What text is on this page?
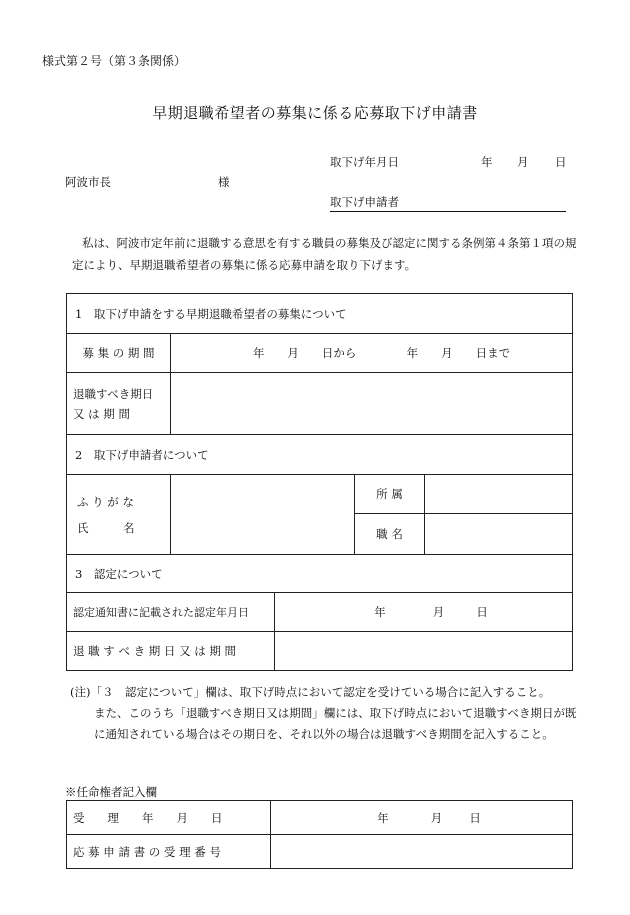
様式第２号（第３条関係）
早期退職希望者の募集に係る応募取下げ申請書
取下げ年月日	年 月 日
阿波市長	様
取下げ申請者
私は、阿波市定年前に退職する意思を有する職員の募集及び認定に関する条例第４条第１項の規定により、早期退職希望者の募集に係る応募申請を取り下げます。
1　取下げ申請をする早期退職希望者の募集について				
募 集 の 期 間	年　　月　　日から 年　　月　　日まで			

退職すべき期日
又 は 期 間				

2　取下げ申請者について				

ふ り が な
氏　　　名			所 属	
			職 名	
3　認定について				
認定通知書に記載された認定年月日		年 月 日		
退 職 す べ き 期 日 又 は 期 間				
(注)「３　認定について」欄は、取下げ時点において認定を受けている場合に記入すること。
また、このうち「退職すべき期日又は期間」欄には、取下げ時点において退職すべき期日が既に通知されている場合はその期日を、それ以外の場合は退職すべき期間を記入すること。
※任命権者記入欄
受　　理　　年　　月　　日	年 月 日
応 募 申 請 書 の 受 理 番 号	
